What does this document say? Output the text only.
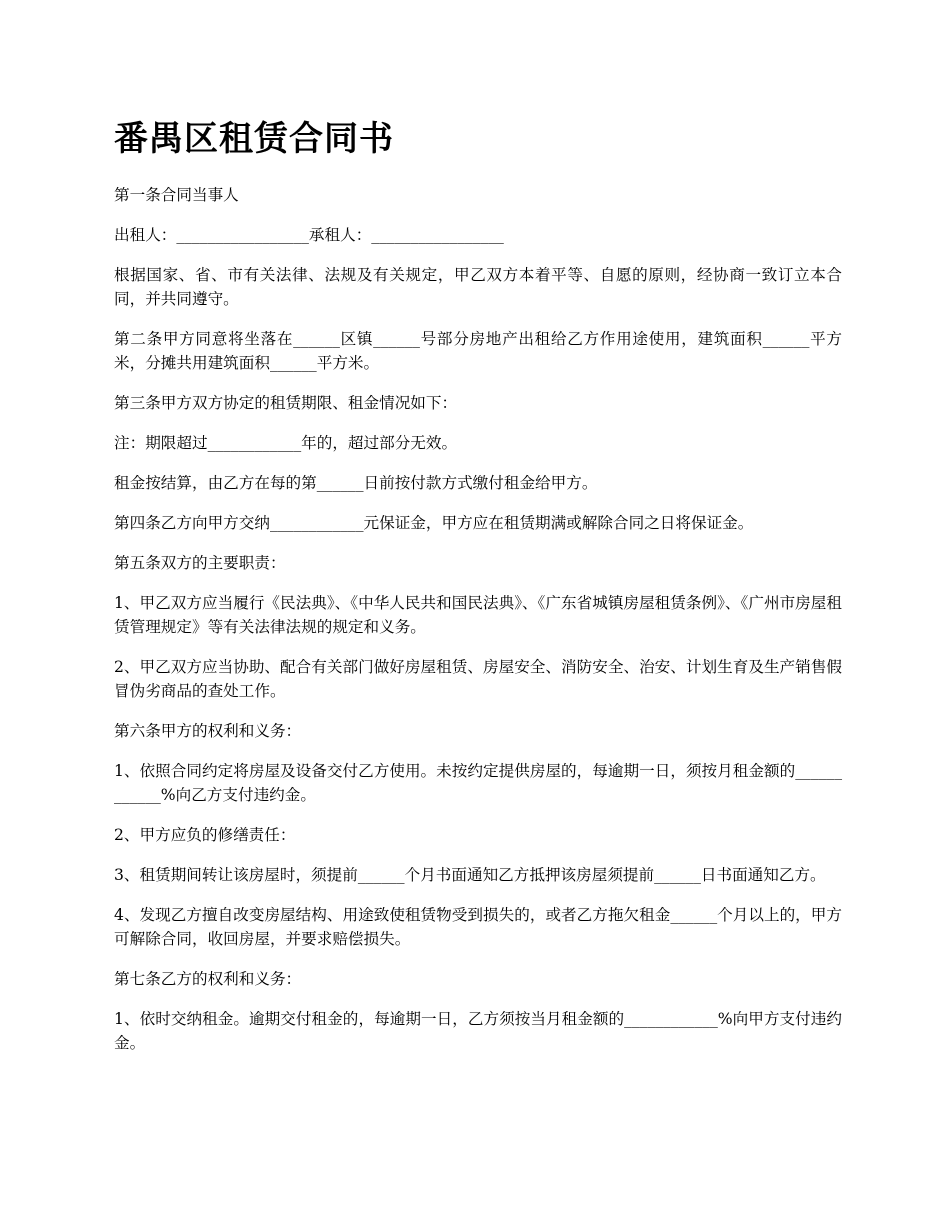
番禺区租赁合同书

第一条合同当事人

出租人：_________________承租人：_________________

根据国家、省、市有关法律、法规及有关规定，甲乙双方本着平等、自愿的原则，经协商一致订立本合同，并共同遵守。

第二条甲方同意将坐落在______区镇______号部分房地产出租给乙方作用途使用，建筑面积______平方米，分摊共用建筑面积______平方米。

第三条甲方双方协定的租赁期限、租金情况如下：

注：期限超过____________年的，超过部分无效。

租金按结算，由乙方在每的第______日前按付款方式缴付租金给甲方。

第四条乙方向甲方交纳____________元保证金，甲方应在租赁期满或解除合同之日将保证金。

第五条双方的主要职责：

1、甲乙双方应当履行《民法典》、《中华人民共和国民法典》、《广东省城镇房屋租赁条例》、《广州市房屋租赁管理规定》等有关法律法规的规定和义务。

2、甲乙双方应当协助、配合有关部门做好房屋租赁、房屋安全、消防安全、治安、计划生育及生产销售假冒伪劣商品的查处工作。

第六条甲方的权利和义务：

1、依照合同约定将房屋及设备交付乙方使用。未按约定提供房屋的，每逾期一日，须按月租金额的____________%向乙方支付违约金。

2、甲方应负的修缮责任：

3、租赁期间转让该房屋时，须提前______个月书面通知乙方抵押该房屋须提前______日书面通知乙方。

4、发现乙方擅自改变房屋结构、用途致使租赁物受到损失的，或者乙方拖欠租金______个月以上的，甲方可解除合同，收回房屋，并要求赔偿损失。

第七条乙方的权利和义务：

1、依时交纳租金。逾期交付租金的，每逾期一日，乙方须按当月租金额的____________%向甲方支付违约金。
